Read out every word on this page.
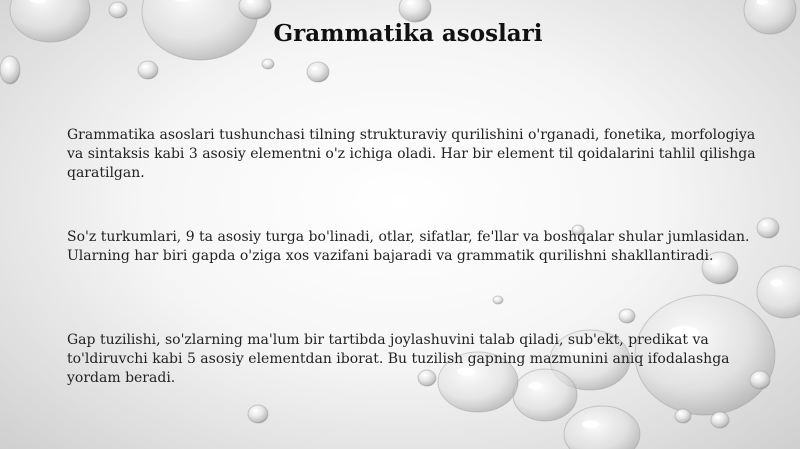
Grammatika asoslari

Grammatika asoslari tushunchasi tilning strukturaviy qurilishini o'rganadi, fonetika, morfologiya va sintaksis kabi 3 asosiy elementni o'z ichiga oladi. Har bir element til qoidalarini tahlil qilishga qaratilgan.

So'z turkumlari, 9 ta asosiy turga bo'linadi, otlar, sifatlar, fe'llar va boshqalar shular jumlasidan. Ularning har biri gapda o'ziga xos vazifani bajaradi va grammatik qurilishni shakllantiradi.

Gap tuzilishi, so'zlarning ma'lum bir tartibda joylashuvini talab qiladi, sub'ekt, predikat va to'ldiruvchi kabi 5 asosiy elementdan iborat. Bu tuzilish gapning mazmunini aniq ifodalashga yordam beradi.
